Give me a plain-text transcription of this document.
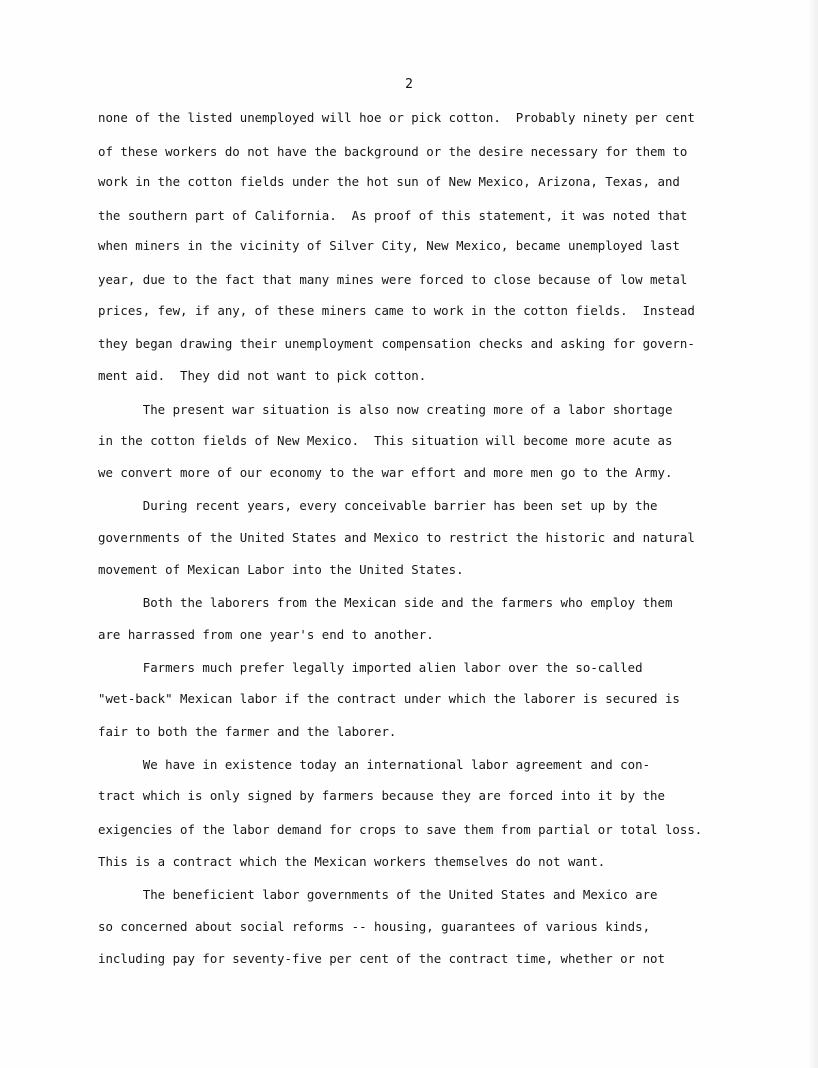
2
none of the listed unemployed will hoe or pick cotton.  Probably ninety per cent
of these workers do not have the background or the desire necessary for them to
work in the cotton fields under the hot sun of New Mexico, Arizona, Texas, and
the southern part of California.  As proof of this statement, it was noted that
when miners in the vicinity of Silver City, New Mexico, became unemployed last
year, due to the fact that many mines were forced to close because of low metal
prices, few, if any, of these miners came to work in the cotton fields.  Instead
they began drawing their unemployment compensation checks and asking for govern-
ment aid.  They did not want to pick cotton.
The present war situation is also now creating more of a labor shortage
in the cotton fields of New Mexico.  This situation will become more acute as
we convert more of our economy to the war effort and more men go to the Army.
During recent years, every conceivable barrier has been set up by the
governments of the United States and Mexico to restrict the historic and natural
movement of Mexican Labor into the United States.
Both the laborers from the Mexican side and the farmers who employ them
are harrassed from one year's end to another.
Farmers much prefer legally imported alien labor over the so-called
"wet-back" Mexican labor if the contract under which the laborer is secured is
fair to both the farmer and the laborer.
We have in existence today an international labor agreement and con-
tract which is only signed by farmers because they are forced into it by the
exigencies of the labor demand for crops to save them from partial or total loss.
This is a contract which the Mexican workers themselves do not want.
The beneficient labor governments of the United States and Mexico are
so concerned about social reforms -- housing, guarantees of various kinds,
including pay for seventy-five per cent of the contract time, whether or not
